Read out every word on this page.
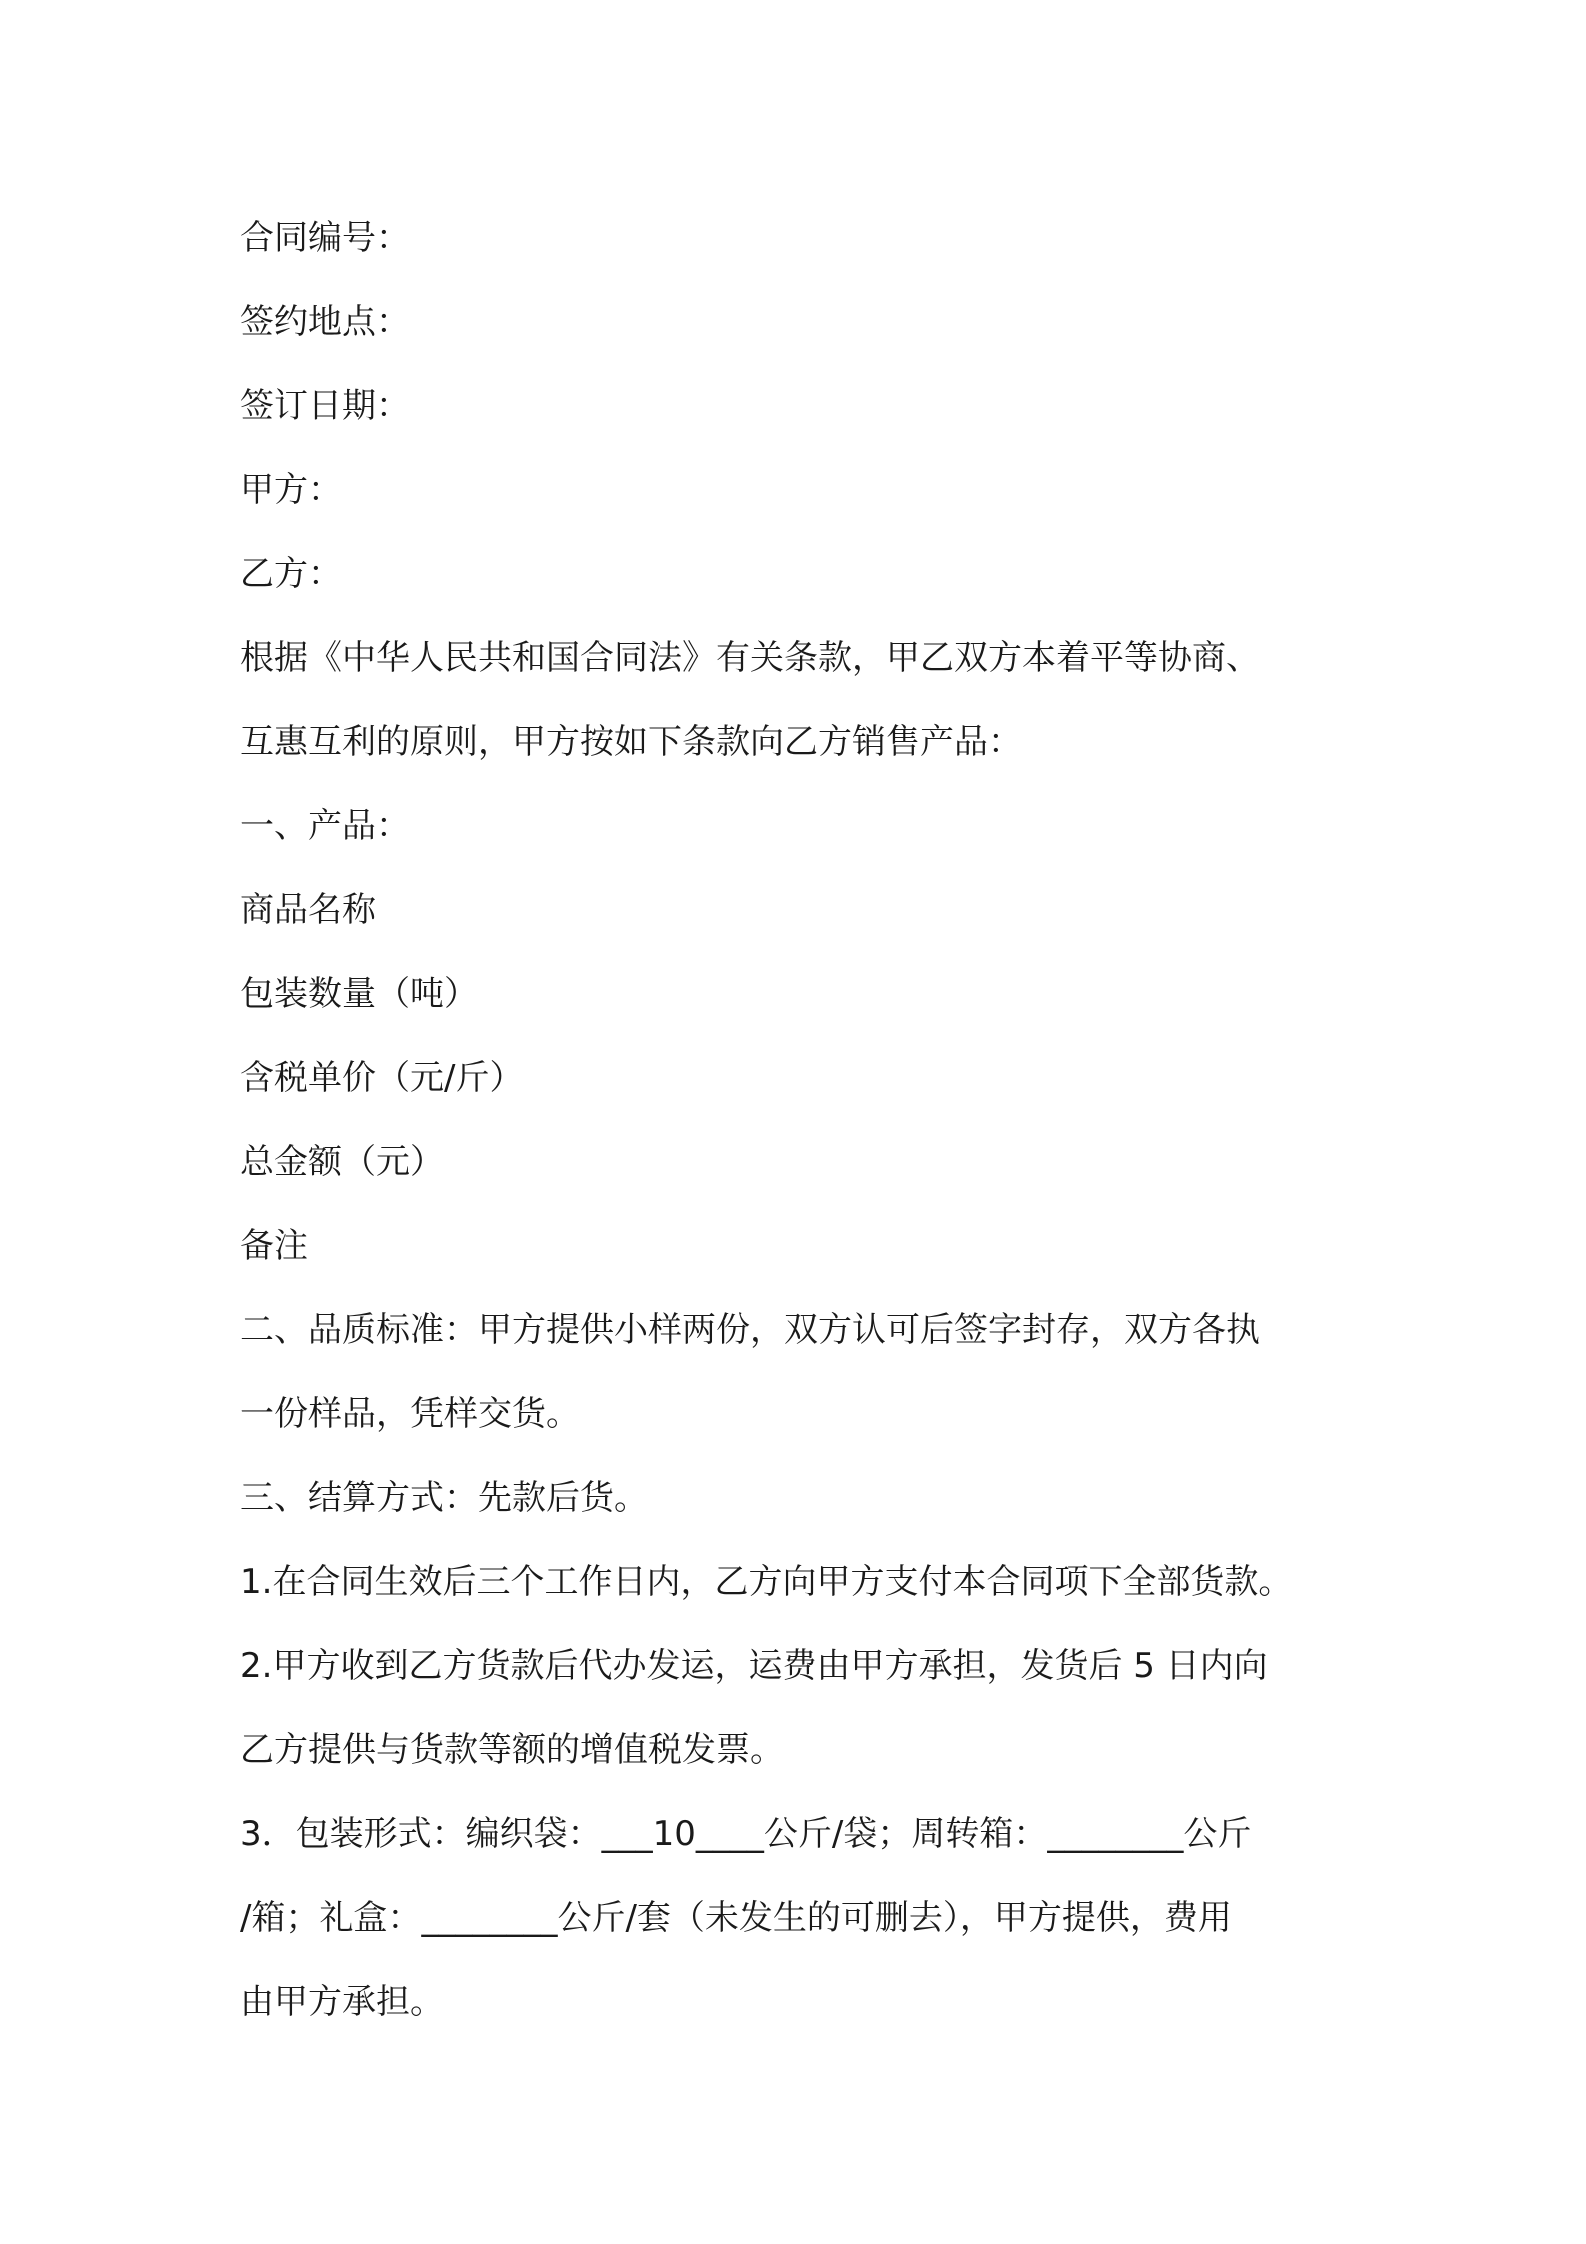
合同编号：
签约地点：
签订日期：
甲方：
乙方：
根据《中华人民共和国合同法》有关条款，甲乙双方本着平等协商、
互惠互利的原则，甲方按如下条款向乙方销售产品：
一、产品：
商品名称
包装数量（吨）
含税单价（元/斤）
总金额（元）
备注
二、品质标准：甲方提供小样两份，双方认可后签字封存，双方各执
一份样品，凭样交货。
三、结算方式：先款后货。
1.在合同生效后三个工作日内，乙方向甲方支付本合同项下全部货款。
2.甲方收到乙方货款后代办发运，运费由甲方承担，发货后 5 日内向
乙方提供与货款等额的增值税发票。
3．包装形式：编织袋：___10____公斤/袋；周转箱：________公斤
/箱；礼盒：________公斤/套（未发生的可删去），甲方提供，费用
由甲方承担。
